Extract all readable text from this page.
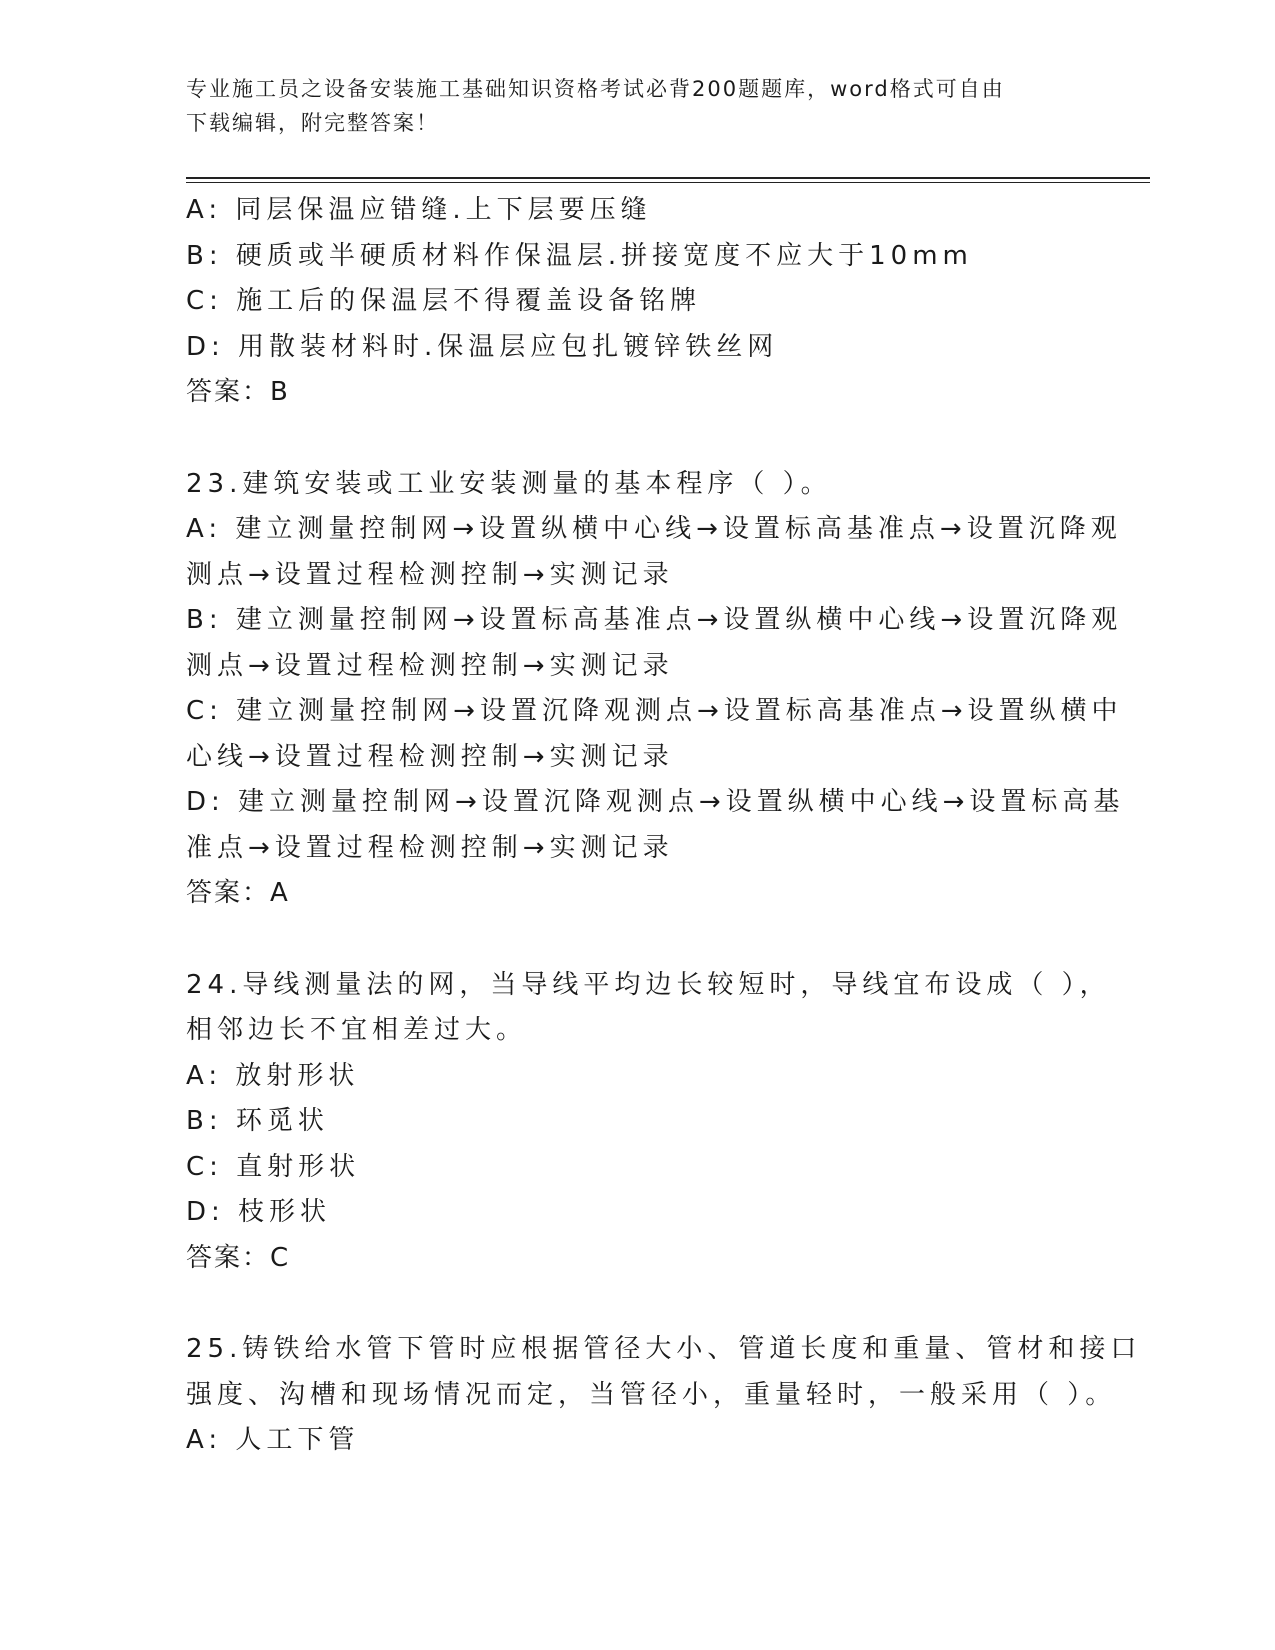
专业施工员之设备安装施工基础知识资格考试必背200题题库，word格式可自由
下载编辑，附完整答案！
A: 同层保温应错缝.上下层要压缝
B: 硬质或半硬质材料作保温层.拼接宽度不应大于10mm
C: 施工后的保温层不得覆盖设备铭牌
D: 用散装材料时.保温层应包扎镀锌铁丝网
答案：B
23.建筑安装或工业安装测量的基本程序（ ）。
A: 建立测量控制网→设置纵横中心线→设置标高基准点→设置沉降观
测点→设置过程检测控制→实测记录
B: 建立测量控制网→设置标高基准点→设置纵横中心线→设置沉降观
测点→设置过程检测控制→实测记录
C: 建立测量控制网→设置沉降观测点→设置标高基准点→设置纵横中
心线→设置过程检测控制→实测记录
D: 建立测量控制网→设置沉降观测点→设置纵横中心线→设置标高基
准点→设置过程检测控制→实测记录
答案：A
24.导线测量法的网，当导线平均边长较短时，导线宜布设成（ ），
相邻边长不宜相差过大。
A: 放射形状
B: 环觅状
C: 直射形状
D: 枝形状
答案：C
25.铸铁给水管下管时应根据管径大小、管道长度和重量、管材和接口
强度、沟槽和现场情况而定，当管径小，重量轻时，一般采用（ ）。
A: 人工下管
